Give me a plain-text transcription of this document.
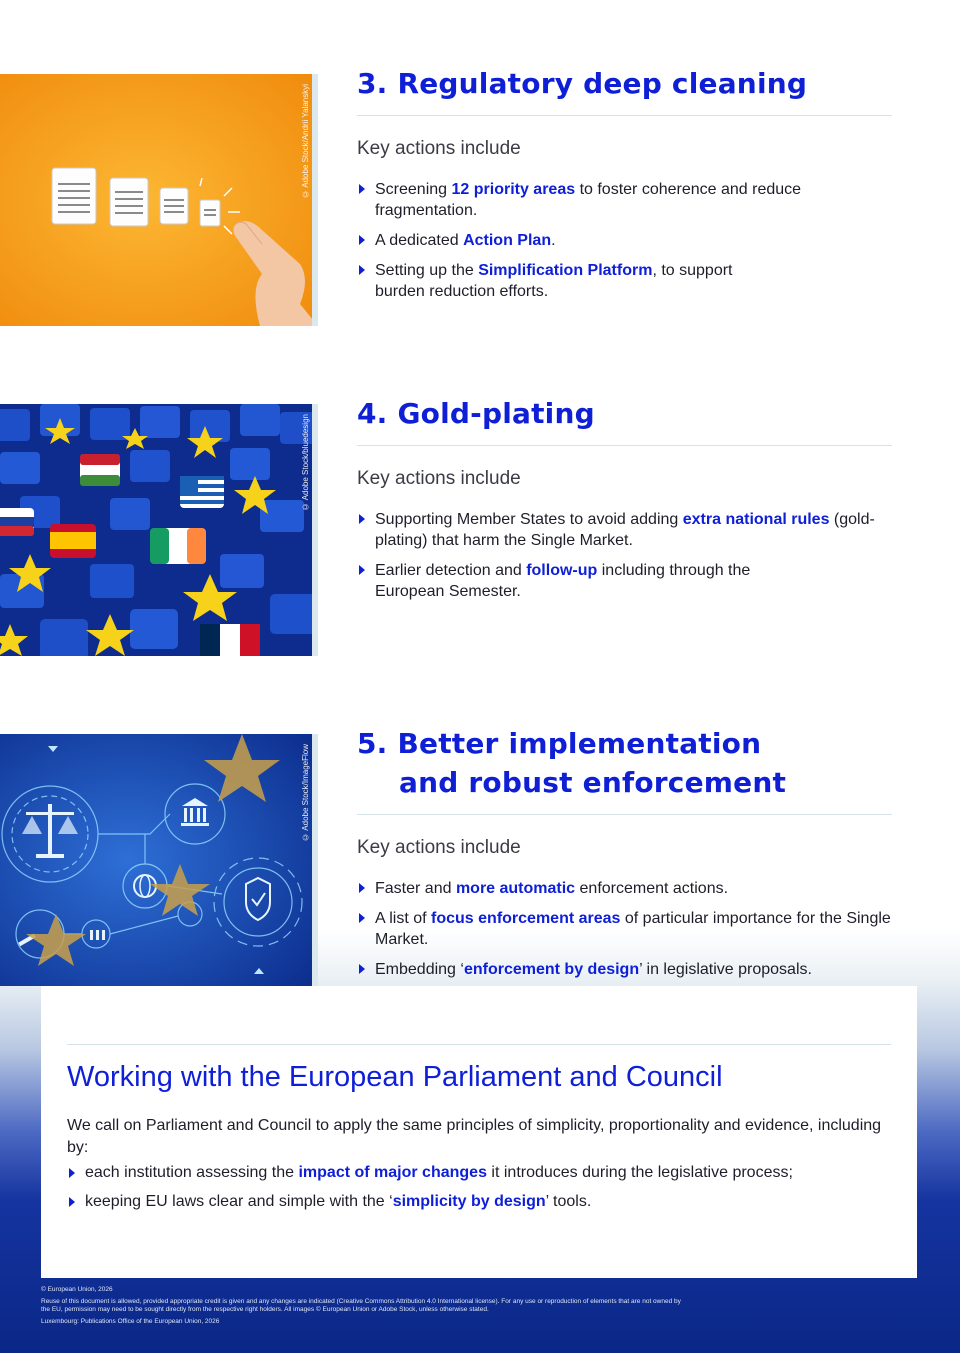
© Adobe Stock/Andrii Yalanskyi
3. Regulatory deep cleaning
Key actions include
Screening 12 priority areas to foster coherence and reduce fragmentation.
A dedicated Action Plan.
Setting up the Simplification Platform, to support burden reduction efforts.
© Adobe Stock/bluedesign
4. Gold-plating
Key actions include
Supporting Member States to avoid adding extra national rules (gold-plating) that harm the Single Market.
Earlier detection and follow-up including through the European Semester.
© Adobe Stock/ImageFlow
5. Better implementation
and robust enforcement
Key actions include
Faster and more automatic enforcement actions.
A list of focus enforcement areas of particular importance for the Single Market.
Embedding ‘enforcement by design’ in legislative proposals.
Working with the European Parliament and Council
We call on Parliament and Council to apply the same principles of simplicity, proportionality and evidence, including by:
each institution assessing the impact of major changes it introduces during the legislative process;
keeping EU laws clear and simple with the ‘simplicity by design’ tools.
© European Union, 2026
Reuse of this document is allowed, provided appropriate credit is given and any changes are indicated (Creative Commons Attribution 4.0 International license). For any use or reproduction of elements that are not owned by the EU, permission may need to be sought directly from the respective right holders. All images © European Union or Adobe Stock, unless otherwise stated.
Luxembourg: Publications Office of the European Union, 2026
